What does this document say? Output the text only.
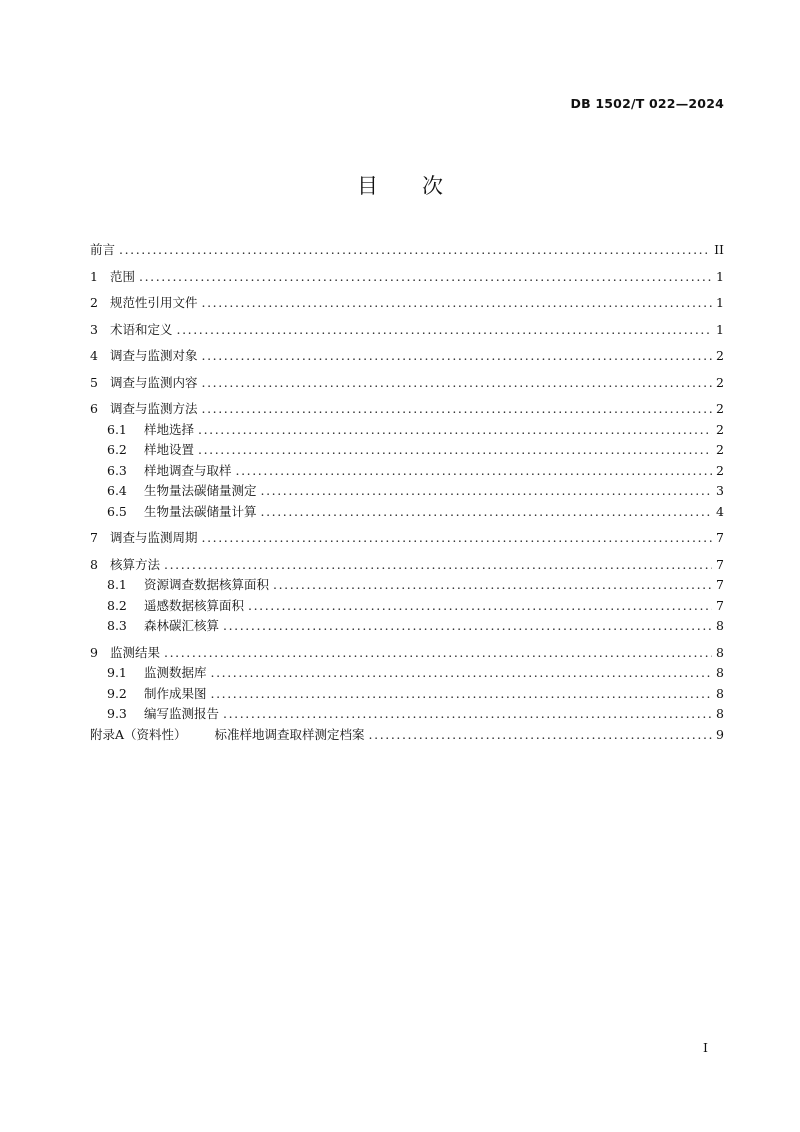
DB 1502/T 022—2024
目次
前言 .....	II
1 范围 .....	1
2 规范性引用文件 .....	1
3 术语和定义 .....	1
4 调查与监测对象 .....	2
5 调查与监测内容 .....	2
6 调查与监测方法 .....	2
6.1	样地选择 .....	2
6.2	样地设置 .....	2
6.3	样地调查与取样 .....	2
6.4	生物量法碳储量测定 .....	3
6.5	生物量法碳储量计算 .....	4
7 调查与监测周期 .....	7
8 核算方法 .....	7
8.1	资源调查数据核算面积 .....	7
8.2	遥感数据核算面积 .....	7
8.3	森林碳汇核算 .....	8
9 监测结果 .....	8
9.1	监测数据库 .....	8
9.2	制作成果图 .....	8
9.3	编写监测报告 .....	8
附录A（资料性） 标准样地调查取样测定档案 .....	9
I
